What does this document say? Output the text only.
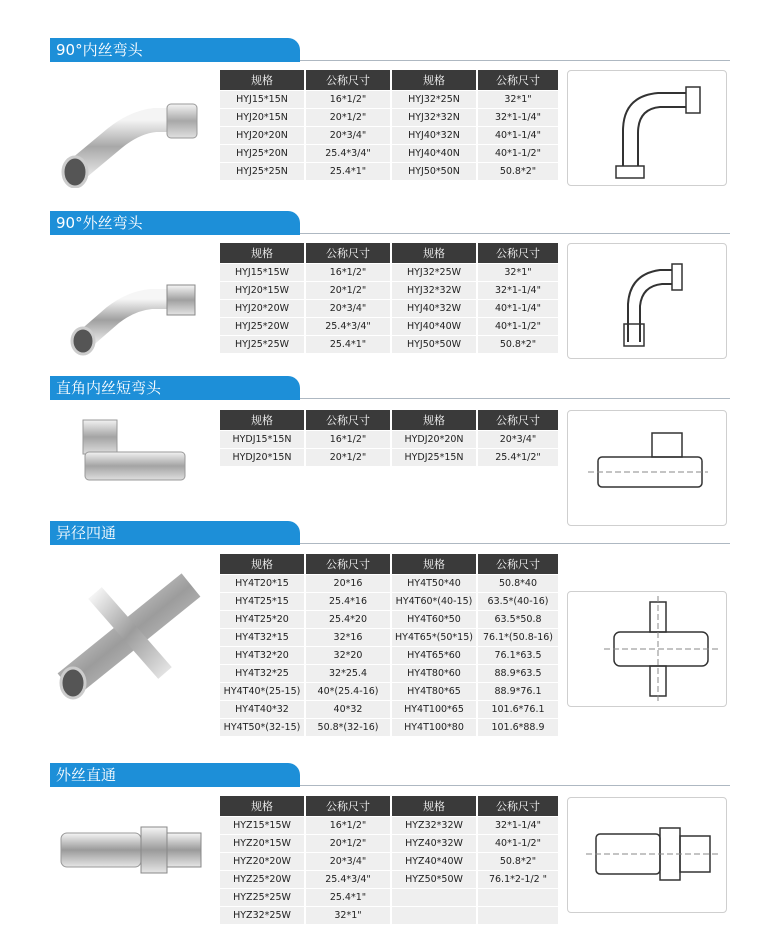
90°内丝弯头
规格	公称尺寸	规格	公称尺寸
HYJ15*15N	16*1/2"	HYJ32*25N	32*1"
HYJ20*15N	20*1/2"	HYJ32*32N	32*1-1/4"
HYJ20*20N	20*3/4"	HYJ40*32N	40*1-1/4"
HYJ25*20N	25.4*3/4"	HYJ40*40N	40*1-1/2"
HYJ25*25N	25.4*1"	HYJ50*50N	50.8*2"
90°外丝弯头
规格	公称尺寸	规格	公称尺寸
HYJ15*15W	16*1/2"	HYJ32*25W	32*1"
HYJ20*15W	20*1/2"	HYJ32*32W	32*1-1/4"
HYJ20*20W	20*3/4"	HYJ40*32W	40*1-1/4"
HYJ25*20W	25.4*3/4"	HYJ40*40W	40*1-1/2"
HYJ25*25W	25.4*1"	HYJ50*50W	50.8*2"
直角内丝短弯头
规格	公称尺寸	规格	公称尺寸
HYDJ15*15N	16*1/2"	HYDJ20*20N	20*3/4"
HYDJ20*15N	20*1/2"	HYDJ25*15N	25.4*1/2"
异径四通
规格	公称尺寸	规格	公称尺寸
HY4T20*15	20*16	HY4T50*40	50.8*40
HY4T25*15	25.4*16	HY4T60*(40-15)	63.5*(40-16)
HY4T25*20	25.4*20	HY4T60*50	63.5*50.8
HY4T32*15	32*16	HY4T65*(50*15)	76.1*(50.8-16)
HY4T32*20	32*20	HY4T65*60	76.1*63.5
HY4T32*25	32*25.4	HY4T80*60	88.9*63.5
HY4T40*(25-15)	40*(25.4-16)	HY4T80*65	88.9*76.1
HY4T40*32	40*32	HY4T100*65	101.6*76.1
HY4T50*(32-15)	50.8*(32-16)	HY4T100*80	101.6*88.9
外丝直通
规格	公称尺寸	规格	公称尺寸
HYZ15*15W	16*1/2"	HYZ32*32W	32*1-1/4"
HYZ20*15W	20*1/2"	HYZ40*32W	40*1-1/2"
HYZ20*20W	20*3/4"	HYZ40*40W	50.8*2"
HYZ25*20W	25.4*3/4"	HYZ50*50W	76.1*2-1/2 "
HYZ25*25W	25.4*1"		
HYZ32*25W	32*1"		
